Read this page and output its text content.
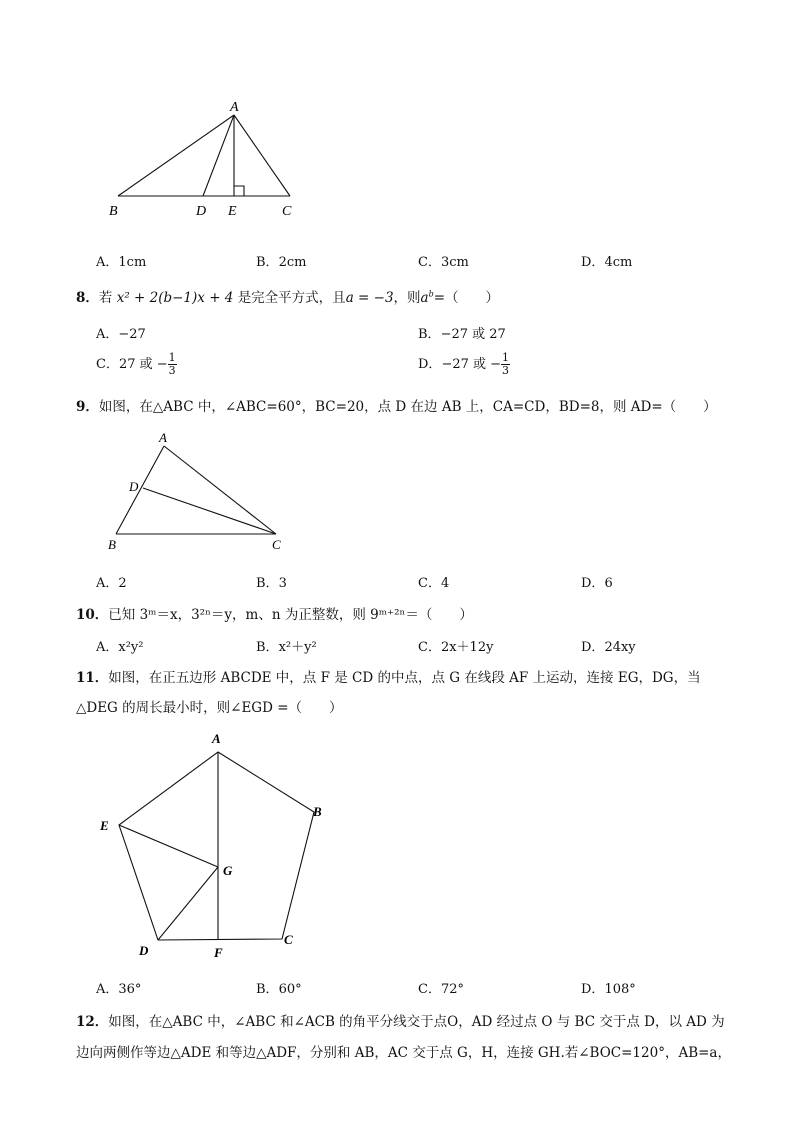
A
B	D E	C
A．1cm	B．2cm	C．3cm	D．4cm
8．若 x² + 2(b−1)x + 4 是完全平方式，且a = −3，则$a^b=$（　　）
A．−27	B．−27 或 27
C．27 或 − $\frac{1}{3}$	D．−27 或 − $\frac{1}{3}$
9．如图，在△ABC 中，∠ABC=60°，BC=20，点 D 在边 AB 上，CA=CD，BD=8，则 AD=（　　）
A
D
B	C
A．2	B．3	C．4	D．6
10．已知 3ᵐ＝x，3²ⁿ＝y，m、n 为正整数，则 9ᵐ⁺²ⁿ＝（　　）
A．x²y²	B．x²＋y²	C．2x＋12y	D．24xy
11．如图，在正五边形 ABCDE 中，点 F 是 CD 的中点，点 G 在线段 AF 上运动，连接 EG，DG，当
△DEG 的周长最小时，则∠EGD =（　　）
A
B
E
G
D	F
C
A．36°	B．60°	C．72°	D．108°
12．如图，在△ABC 中，∠ABC 和∠ACB 的角平分线交于点O，AD 经过点 O 与 BC 交于点 D，以 AD 为
边向两侧作等边△ADE 和等边△ADF，分别和 AB，AC 交于点 G，H，连接 GH.若∠BOC=120°，AB=a，
